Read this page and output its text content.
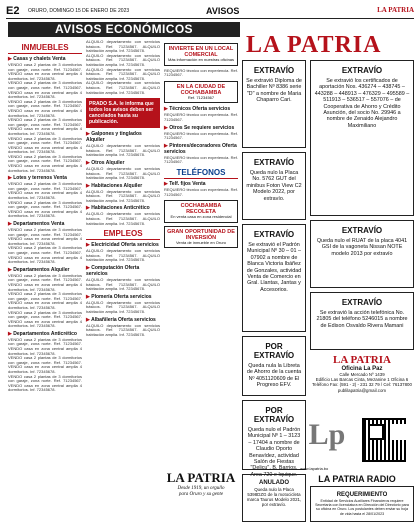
E2 ORURO, DOMINGO 15 DE ENERO DE 2023	AVISOS	LA PATRIA
AVISOS ECONÓMICOS
LA PATRIA
INMUEBLES
▶ Casas y chalets Venta
VENDO casa 2 plantas de 3 dormitorios con garaje, zona norte. Ref. 71234567. VENDO casa en zona central amplia 4 dormitorios. Inf. 72345678.
VENDO casa 2 plantas de 3 dormitorios con garaje, zona norte. Ref. 71234567. VENDO casa en zona central amplia 4 dormitorios. Inf. 72345678.
VENDO casa 2 plantas de 3 dormitorios con garaje, zona norte. Ref. 71234567. VENDO casa en zona central amplia 4 dormitorios. Inf. 72345678.
VENDO casa 2 plantas de 3 dormitorios con garaje, zona norte. Ref. 71234567. VENDO casa en zona central amplia 4 dormitorios. Inf. 72345678.
VENDO casa 2 plantas de 3 dormitorios con garaje, zona norte. Ref. 71234567. VENDO casa en zona central amplia 4 dormitorios. Inf. 72345678.
VENDO casa 2 plantas de 3 dormitorios con garaje, zona norte. Ref. 71234567. VENDO casa en zona central amplia 4 dormitorios. Inf. 72345678.
▶ Lotes y terrenos Venta
VENDO casa 2 plantas de 3 dormitorios con garaje, zona norte. Ref. 71234567. VENDO casa en zona central amplia 4 dormitorios. Inf. 72345678.
VENDO casa 2 plantas de 3 dormitorios con garaje, zona norte. Ref. 71234567. VENDO casa en zona central amplia 4 dormitorios. Inf. 72345678.
▶ Departamentos Venta
VENDO casa 2 plantas de 3 dormitorios con garaje, zona norte. Ref. 71234567. VENDO casa en zona central amplia 4 dormitorios. Inf. 72345678.
VENDO casa 2 plantas de 3 dormitorios con garaje, zona norte. Ref. 71234567. VENDO casa en zona central amplia 4 dormitorios. Inf. 72345678.
▶ Departamentos Alquiler
VENDO casa 2 plantas de 3 dormitorios con garaje, zona norte. Ref. 71234567. VENDO casa en zona central amplia 4 dormitorios. Inf. 72345678.
VENDO casa 2 plantas de 3 dormitorios con garaje, zona norte. Ref. 71234567. VENDO casa en zona central amplia 4 dormitorios. Inf. 72345678.
VENDO casa 2 plantas de 3 dormitorios con garaje, zona norte. Ref. 71234567. VENDO casa en zona central amplia 4 dormitorios. Inf. 72345678.
▶ Departamentos Anticrético
VENDO casa 2 plantas de 3 dormitorios con garaje, zona norte. Ref. 71234567. VENDO casa en zona central amplia 4 dormitorios. Inf. 72345678.
VENDO casa 2 plantas de 3 dormitorios con garaje, zona norte. Ref. 71234567. VENDO casa en zona central amplia 4 dormitorios. Inf. 72345678.
VENDO casa 2 plantas de 3 dormitorios con garaje, zona norte. Ref. 71234567. VENDO casa en zona central amplia 4 dormitorios. Inf. 72345678.
ALQUILO departamento con servicios básicos. Ref. 71234567. ALQUILO habitación amplia. Inf. 72345678.
ALQUILO departamento con servicios básicos. Ref. 71234567. ALQUILO habitación amplia. Inf. 72345678.
ALQUILO departamento con servicios básicos. Ref. 71234567. ALQUILO habitación amplia. Inf. 72345678.
ALQUILO departamento con servicios básicos. Ref. 71234567. ALQUILO habitación amplia. Inf. 72345678.
PRADO S.A. le informa que todos los avisos deben ser cancelados hasta su publicación.
▶ Galpones y tinglados Alquiler
ALQUILO departamento con servicios básicos. Ref. 71234567. ALQUILO habitación amplia. Inf. 72345678.
▶ Otros Alquiler
ALQUILO departamento con servicios básicos. Ref. 71234567. ALQUILO habitación amplia. Inf. 72345678.
▶ Habitaciones Alquiler
ALQUILO departamento con servicios básicos. Ref. 71234567. ALQUILO habitación amplia. Inf. 72345678.
▶ Habitaciones Anticrético
ALQUILO departamento con servicios básicos. Ref. 71234567. ALQUILO habitación amplia. Inf. 72345678.
EMPLEOS
▶ Electricidad Oferta servicios
ALQUILO departamento con servicios básicos. Ref. 71234567. ALQUILO habitación amplia. Inf. 72345678.
▶ Computación Oferta servicios
ALQUILO departamento con servicios básicos. Ref. 71234567. ALQUILO habitación amplia. Inf. 72345678.
▶ Plomería Oferta servicios
ALQUILO departamento con servicios básicos. Ref. 71234567. ALQUILO habitación amplia. Inf. 72345678.
▶ Albañilería Oferta servicios
ALQUILO departamento con servicios básicos. Ref. 71234567. ALQUILO habitación amplia. Inf. 72345678.
INVIERTE EN UN LOCAL COMERCIAL
Más información en nuestras oficinas
REQUIERO técnico con experiencia. Ref. 71234567.
EN LA CIUDAD DE COCHABAMBA
Ref. 71234567
▶ Técnicos Oferta servicios
REQUIERO técnico con experiencia. Ref. 71234567.
▶ Otros Se requiere servicios
REQUIERO técnico con experiencia. Ref. 71234567.
▶ Pintores/decoradores Oferta servicios
REQUIERO técnico con experiencia. Ref. 71234567.
TELÉFONOS
▶ Telf. fijos Venta
REQUIERO técnico con experiencia. Ref. 71234567.
COCHABAMBA RECOLETA
En venta casa en zona residencial
GRAN OPORTUNIDAD DE INVERSIÓN
Venta de inmueble en Oruro
EXTRAVÍO
Se extravió Diploma de Bachiller Nº 8386 serie "D" a nombre de Maria Chaparro Cari.
EXTRAVÍO
Se extravió los certificados de aportación Nos. 436274 – 438745 – 443288 – 448913 – 476329 – 495589 – 511913 – 536517 – 557076 – de Cooperativa de Ahorro y Crédito Asunción, del socio No. 29946 a nombre de Zenaido Alejandro Maximiliano
EXTRAVÍO
Queda nulo la Placa No. 5762 GUT del minibus Foton View C2 Modelo 2022, por extravío.
EXTRAVÍO
Se extravió el Padrón Municipal Nº 30 – 01 – 07902 a nombre de Blanca Victoria Ibáñez de Gonzales, actividad Venta de Comercio en Gral. Llantas, Jantas y Accesorios.
EXTRAVÍO
Queda nulo el RUAT de la placa 4041 GSI de la vagoneta Nissan NOTE modelo 2013 por extravío
EXTRAVÍO
Se extravió la acción telefónica No. 21805 del teléfono 5246015 a nombre de Edison Osvaldo Rivera Mamani
POR EXTRAVÍO
Queda nula la Libreta de Ahorro de la cuenta Nº 4051120609 de El Progreso EFV.
POR EXTRAVÍO
Queda nulo el Padrón Municipal Nº 1 – 3123 – 17404 a nombre de Claudio Oporto Benavídez, actividad Salón de Fiestas "Delicu", B. Barrios, Area 720 e Iquique.
LA PATRIA
Oficina La Paz
Calle Mercado Nº 1439
Edificio Las Barcas Cinta, Mezanine 1 Oficina 6
Teléfono Fax: (591 - 2) - 231 32 79 / Cel: 76137800
publilapatria@gmail.com
Lp
www.lapatria.bo
LA PATRIA RADIO
REQUERIMIENTO
Entidad de Servicios Auxiliares Financieros requiere Secretaria con licenciatura en Dirección del Directorio para su oficina en Oruro. Los postulantes deben enviar su hoja de vida hasta el 28/01/2023
ANULADO
Queda nulo la Placa 5398DZG de la motocicleta marca Taurus Modelo 2021, por extravío.
LA PATRIA
Desde 1919, un orgullo
para Oruro y su gente
